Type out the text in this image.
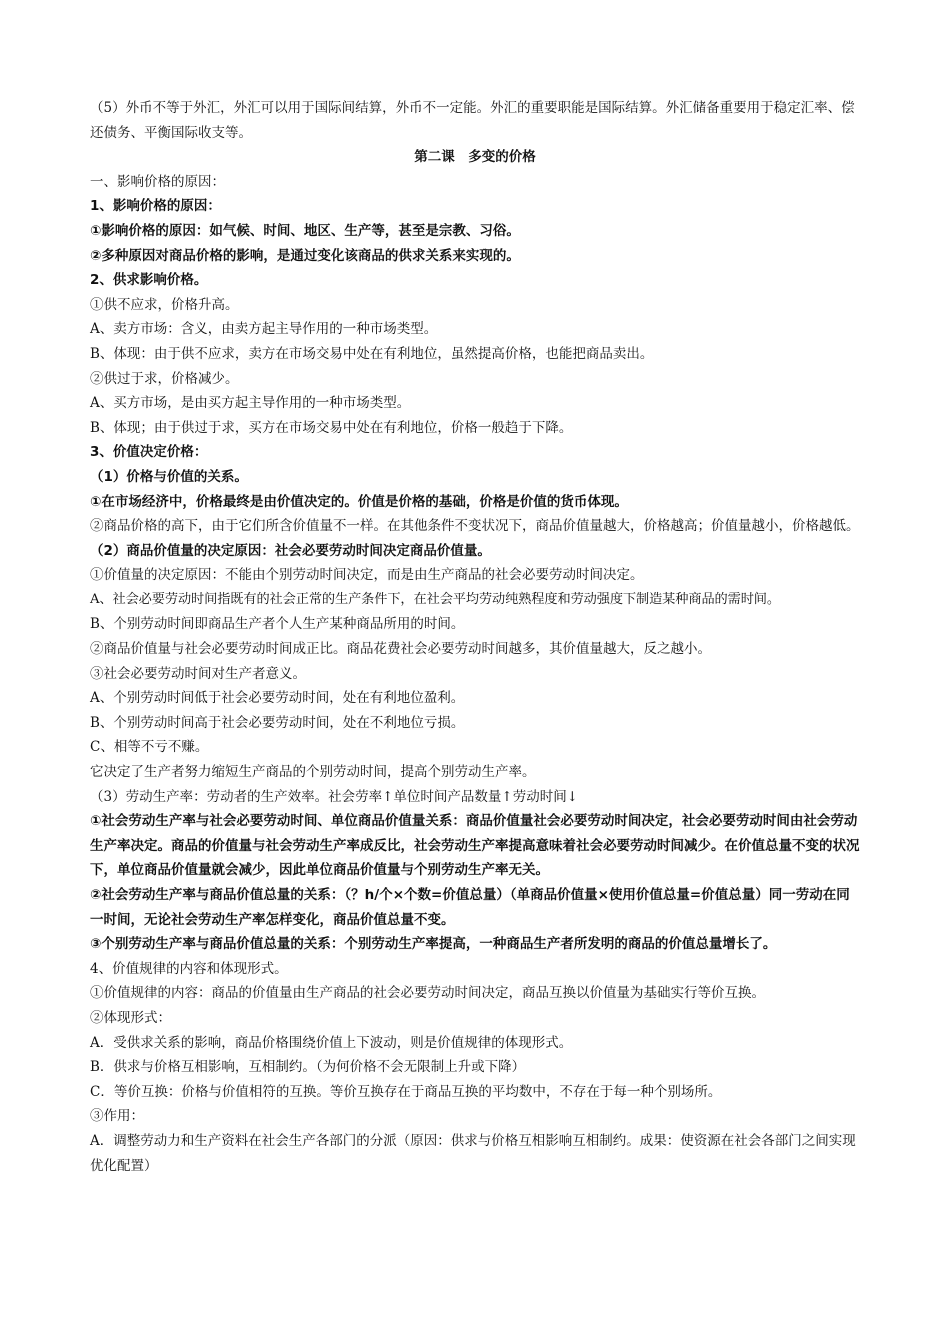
（5）外币不等于外汇，外汇可以用于国际间结算，外币不一定能。外汇的重要职能是国际结算。外汇储备重要用于稳定汇率、偿还债务、平衡国际收支等。
第二课　多变的价格
一、影响价格的原因：
1、影响价格的原因：
①影响价格的原因：如气候、时间、地区、生产等，甚至是宗教、习俗。
②多种原因对商品价格的影响，是通过变化该商品的供求关系来实现的。
2、供求影响价格。
①供不应求，价格升高。
A、卖方市场：含义，由卖方起主导作用的一种市场类型。
B、体现：由于供不应求，卖方在市场交易中处在有利地位，虽然提高价格，也能把商品卖出。
②供过于求，价格减少。
A、买方市场，是由买方起主导作用的一种市场类型。
B、体现；由于供过于求，买方在市场交易中处在有利地位，价格一般趋于下降。
3、价值决定价格：
（1）价格与价值的关系。
①在市场经济中，价格最终是由价值决定的。价值是价格的基础，价格是价值的货币体现。
②商品价格的高下，由于它们所含价值量不一样。在其他条件不变状况下，商品价值量越大，价格越高；价值量越小，价格越低。
（2）商品价值量的决定原因：社会必要劳动时间决定商品价值量。
①价值量的决定原因：不能由个别劳动时间决定，而是由生产商品的社会必要劳动时间决定。
A、社会必要劳动时间指既有的社会正常的生产条件下，在社会平均劳动纯熟程度和劳动强度下制造某种商品的需时间。
B、个别劳动时间即商品生产者个人生产某种商品所用的时间。
②商品价值量与社会必要劳动时间成正比。商品花费社会必要劳动时间越多，其价值量越大，反之越小。
③社会必要劳动时间对生产者意义。
A、个别劳动时间低于社会必要劳动时间，处在有利地位盈利。
B、个别劳动时间高于社会必要劳动时间，处在不利地位亏损。
C、相等不亏不赚。
它决定了生产者努力缩短生产商品的个别劳动时间，提高个别劳动生产率。
（3）劳动生产率：劳动者的生产效率。社会劳率↑单位时间产品数量↑劳动时间↓
①社会劳动生产率与社会必要劳动时间、单位商品价值量关系：商品价值量社会必要劳动时间决定，社会必要劳动时间由社会劳动生产率决定。商品的价值量与社会劳动生产率成反比，社会劳动生产率提高意味着社会必要劳动时间减少。在价值总量不变的状况下，单位商品价值量就会减少，因此单位商品价值量与个别劳动生产率无关。
②社会劳动生产率与商品价值总量的关系：（？h/个×个数=价值总量）（单商品价值量×使用价值总量=价值总量）同一劳动在同一时间，无论社会劳动生产率怎样变化，商品价值总量不变。
③个别劳动生产率与商品价值总量的关系：个别劳动生产率提高，一种商品生产者所发明的商品的价值总量增长了。
4、价值规律的内容和体现形式。
①价值规律的内容：商品的价值量由生产商品的社会必要劳动时间决定，商品互换以价值量为基础实行等价互换。
②体现形式：
A．受供求关系的影响，商品价格围绕价值上下波动，则是价值规律的体现形式。
B．供求与价格互相影响，互相制约。（为何价格不会无限制上升或下降）
C．等价互换：价格与价值相符的互换。等价互换存在于商品互换的平均数中，不存在于每一种个别场所。
③作用：
A．调整劳动力和生产资料在社会生产各部门的分派（原因：供求与价格互相影响互相制约。成果：使资源在社会各部门之间实现优化配置）
